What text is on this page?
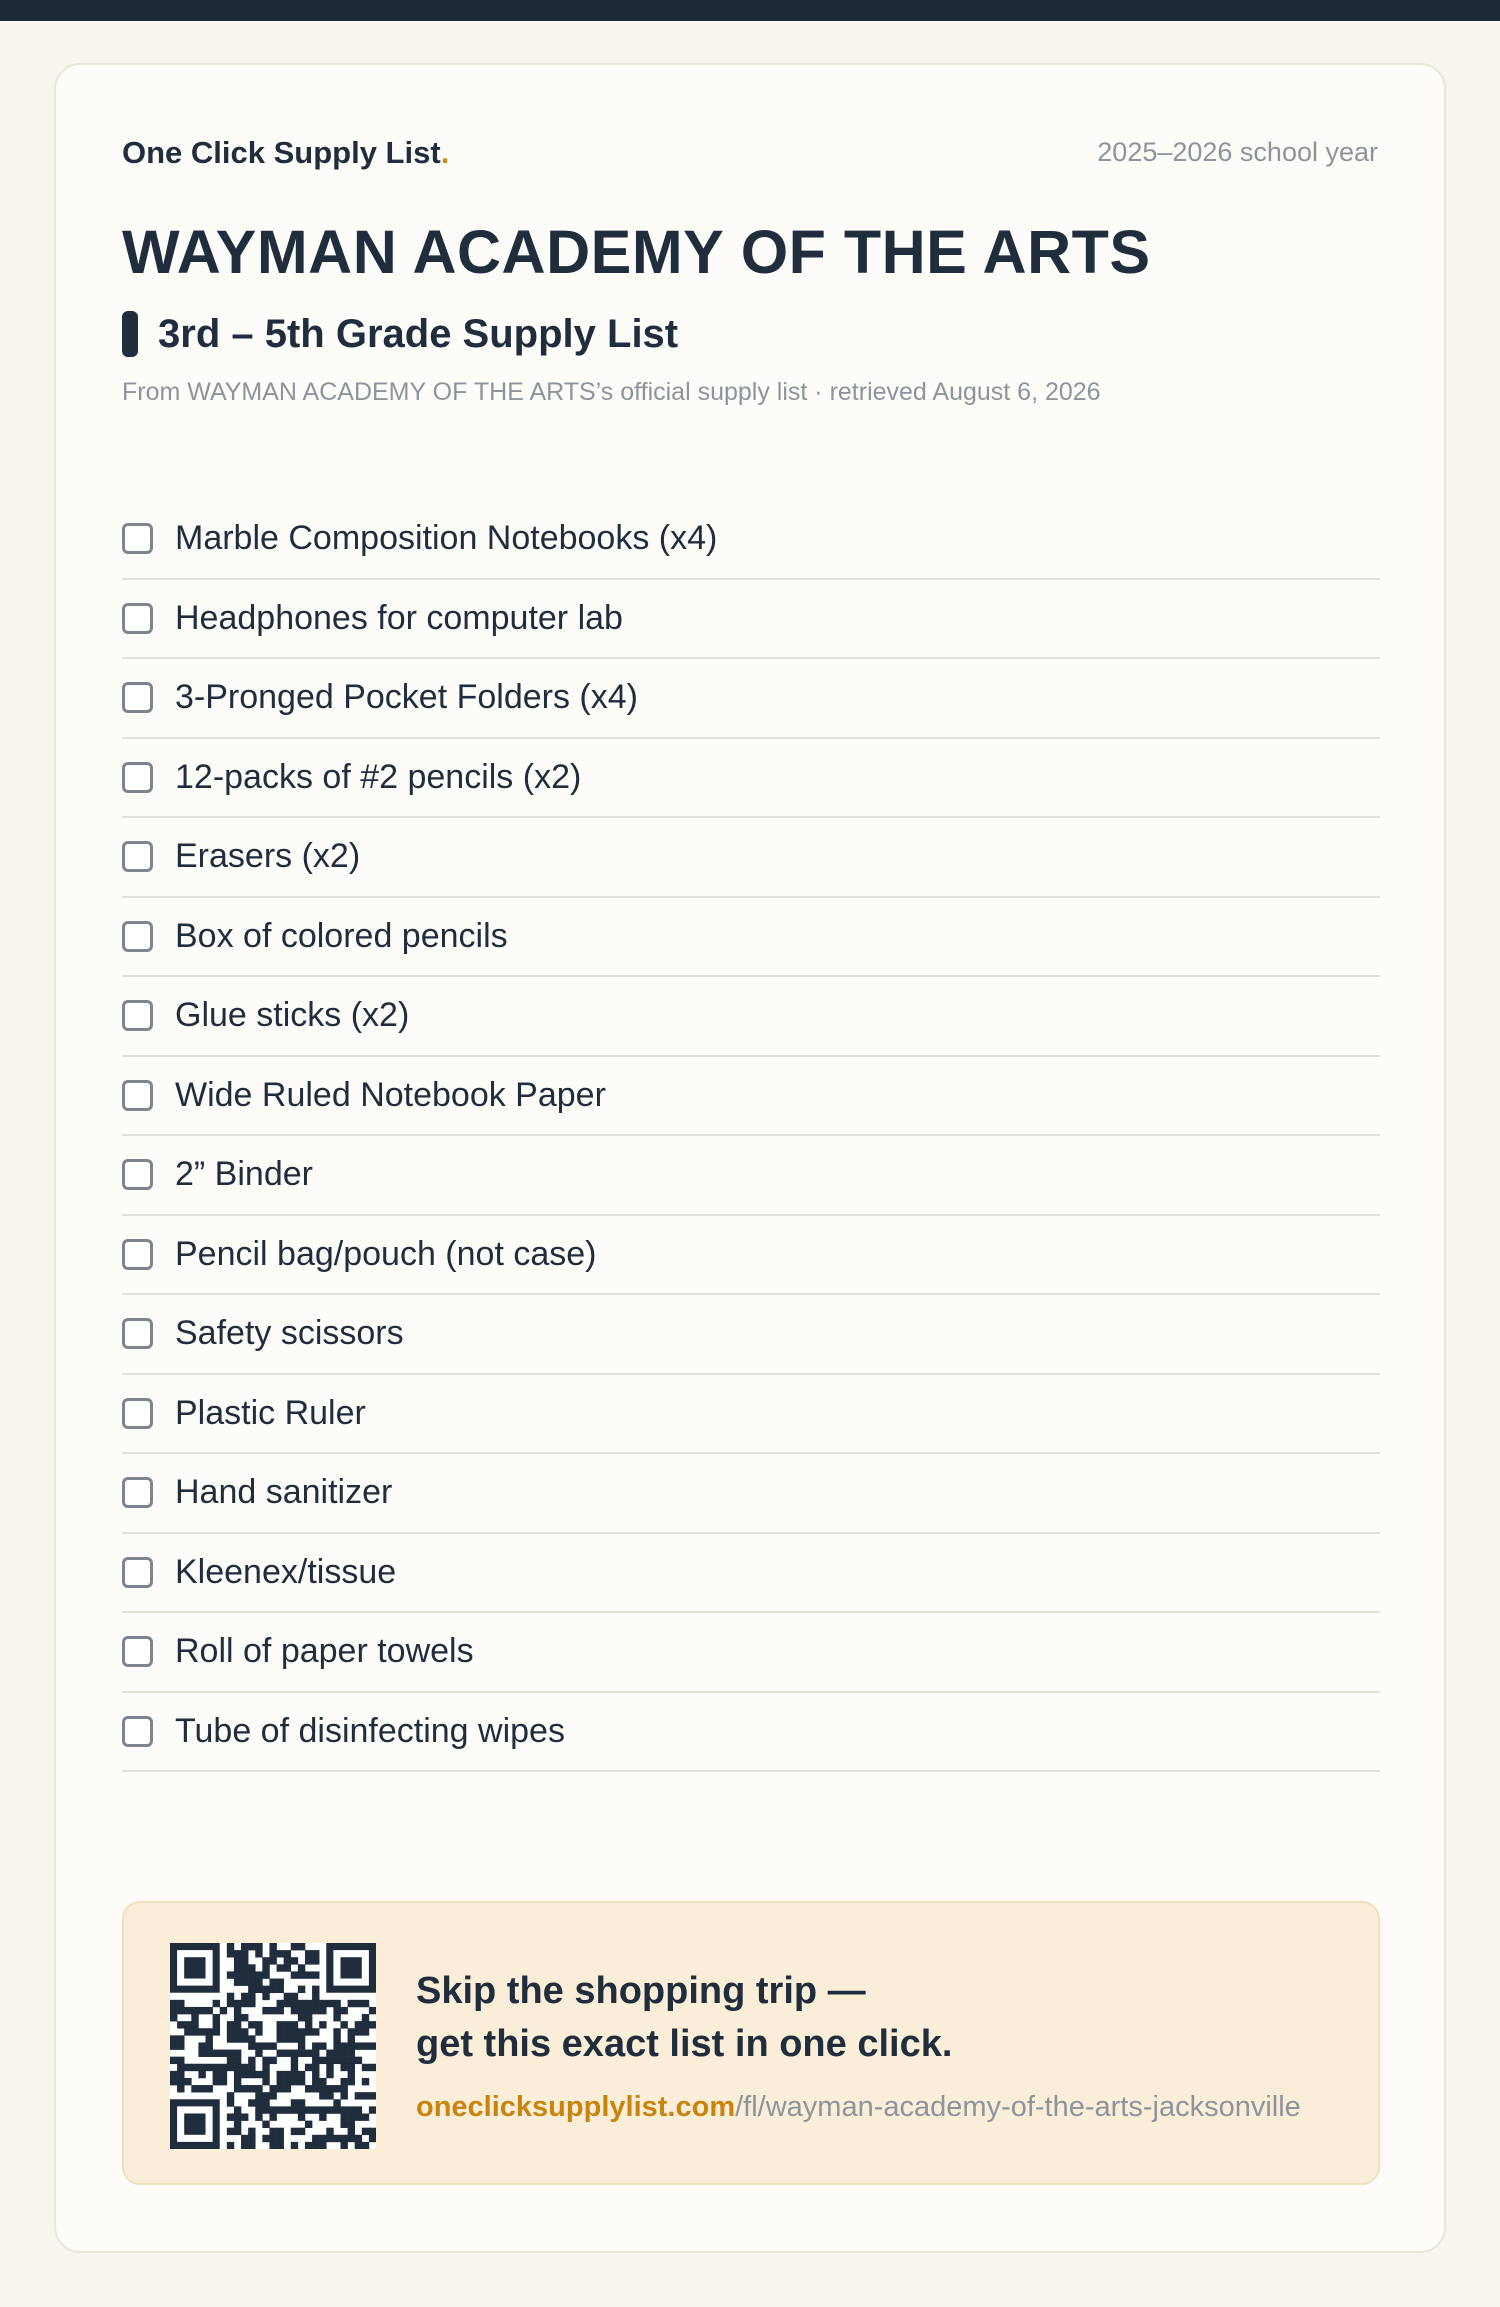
One Click Supply List.	2025–2026 school year
WAYMAN ACADEMY OF THE ARTS
3rd – 5th Grade Supply List
From WAYMAN ACADEMY OF THE ARTS’s official supply list · retrieved August 6, 2026
Marble Composition Notebooks (x4)
Headphones for computer lab
3-Pronged Pocket Folders (x4)
12-packs of #2 pencils (x2)
Erasers (x2)
Box of colored pencils
Glue sticks (x2)
Wide Ruled Notebook Paper
2” Binder
Pencil bag/pouch (not case)
Safety scissors
Plastic Ruler
Hand sanitizer
Kleenex/tissue
Roll of paper towels
Tube of disinfecting wipes
Skip the shopping trip —
get this exact list in one click.
oneclicksupplylist.com/fl/wayman-academy-of-the-arts-jacksonville
